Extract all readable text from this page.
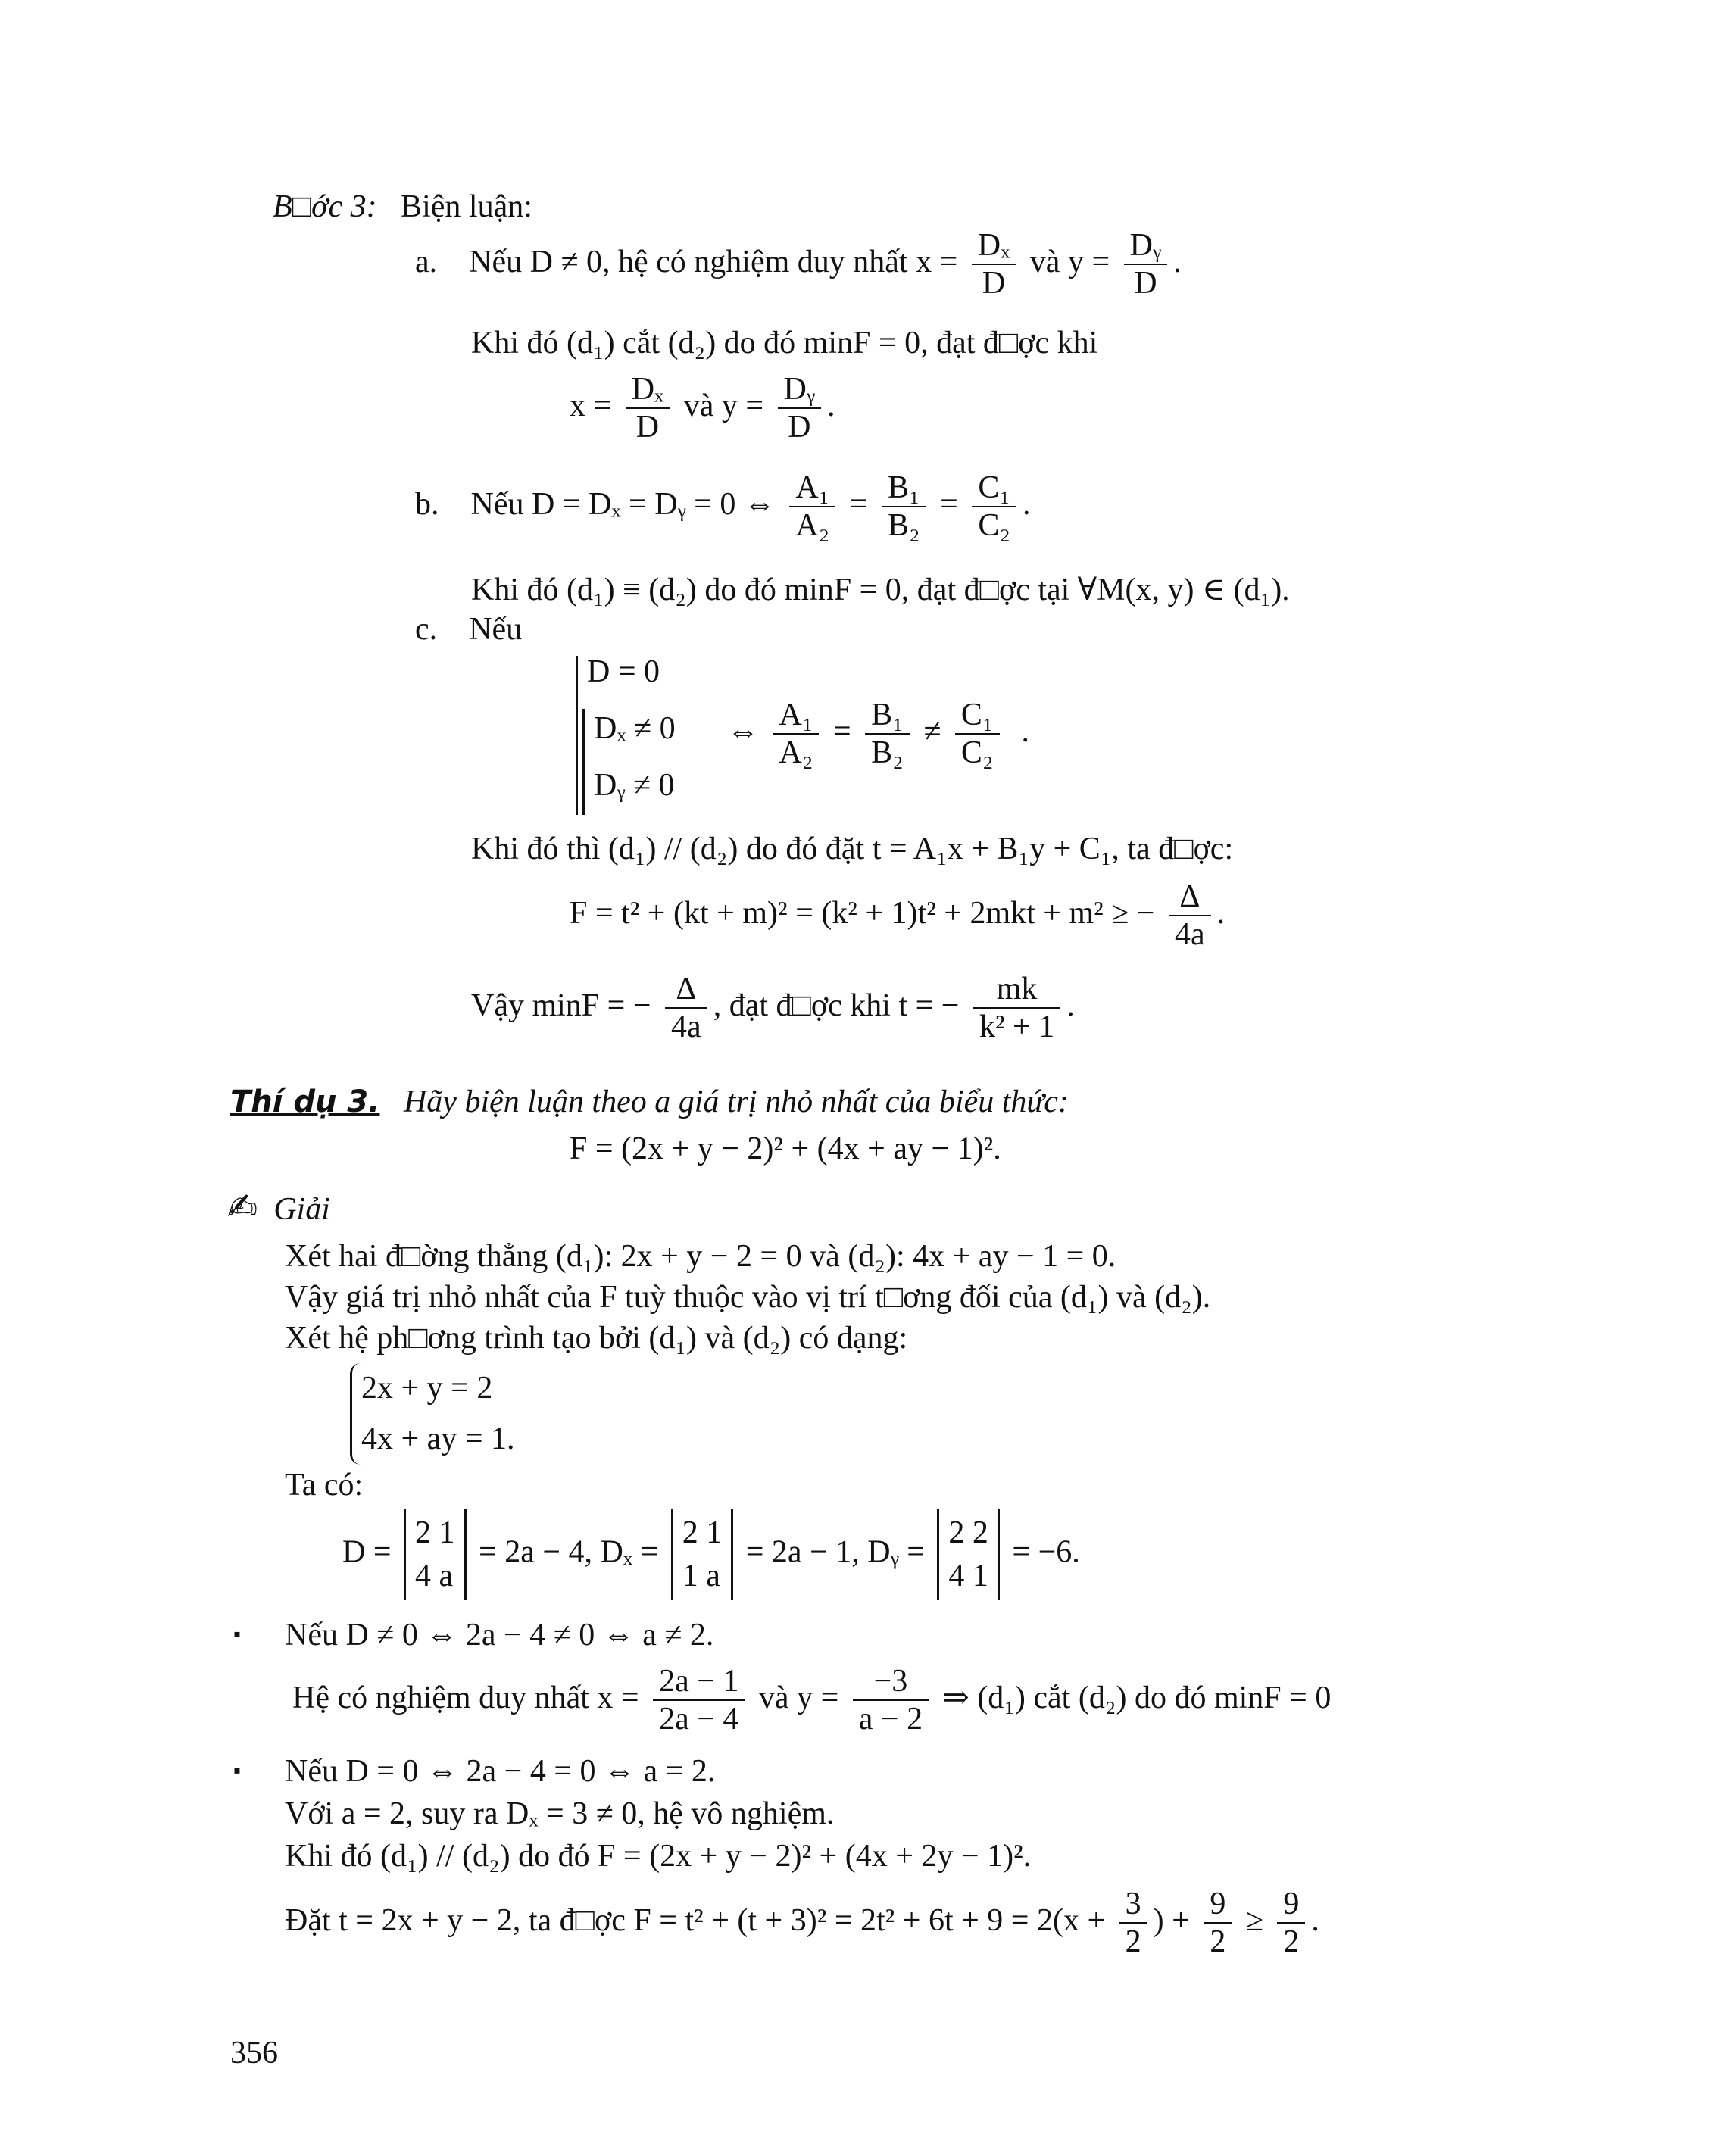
B□ớc 3: Biện luận:
a. Nếu D ≠ 0, hệ có nghiệm duy nhất $x = \frac{\text{Dₓ}}{D}$ và $y = \frac{\text{Dᵧ}}{D}$ .
Khi đó (d₁) cắt (d₂) do đó minF = 0, đạt đ□ợc khi
$x = \frac{\text{Dₓ}}{D}$ và $y = \frac{\text{Dᵧ}}{D}$ .
b. Nếu D = Dₓ = Dᵧ = 0 ⇔ $\frac{\text{A₁}}{\text{A₂}} = \frac{\text{B₁}}{\text{B₂}} = \frac{\text{C₁}}{\text{C₂}}$ .
Khi đó (d₁) ≡ (d₂) do đó minF = 0, đạt đ□ợc tại ∀M(x, y) ∈ (d₁).
c. Nếu
D = 0
Dₓ ≠ 0
Dᵧ ≠ 0
⇔ $\frac{\text{A₁}}{\text{A₂}} = \frac{\text{B₁}}{\text{B₂}} \ne \frac{\text{C₁}}{\text{C₂}}$ .
Khi đó thì (d₁) // (d₂) do đó đặt t = A₁x + B₁y + C₁, ta đ□ợc:
F = t² + (kt + m)² = (k² + 1)t² + 2mkt + m² ≥ − $\frac{\Delta}{4a}$ .
Vậy minF = − $\frac{\Delta}{4a}$ , đạt đ□ợc khi t = − $\frac{mk}{\text{k² + 1}}$ .
Thí dụ 3. Hãy biện luận theo a giá trị nhỏ nhất của biểu thức:
F = (2x + y − 2)² + (4x + ay − 1)².
✍ Giải
Xét hai đ□ờng thẳng (d₁): 2x + y − 2 = 0 và (d₂): 4x + ay − 1 = 0.
Vậy giá trị nhỏ nhất của F tuỳ thuộc vào vị trí t□ơng đối của (d₁) và (d₂).
Xét hệ ph□ơng trình tạo bởi (d₁) và (d₂) có dạng:
2x + y = 2
4x + ay = 1.
Ta có:
D =
2 1
4 a
= 2a − 4, Dₓ =
2 1
1 a
= 2a − 1, Dᵧ =
2 2
4 1
= −6.
▪ Nếu D ≠ 0 ⇔ 2a − 4 ≠ 0 ⇔ a ≠ 2.
Hệ có nghiệm duy nhất $x = \frac{2a - 1}{2a - 4}$ và $y = \frac{-3}{a - 2}$ ⇒ (d₁) cắt (d₂) do đó minF = 0
▪ Nếu D = 0 ⇔ 2a − 4 = 0 ⇔ a = 2.
Với a = 2, suy ra Dₓ = 3 ≠ 0, hệ vô nghiệm.
Khi đó (d₁) // (d₂) do đó F = (2x + y − 2)² + (4x + 2y − 1)².
Đặt t = 2x + y − 2, ta đ□ợc $F = t^2 + (t + 3)^2 = 2t^2 + 6t + 9 = 2(x + \frac{3}{2}$ ) + $\frac{9}{2} \ge \frac{9}{2}$ .
356
